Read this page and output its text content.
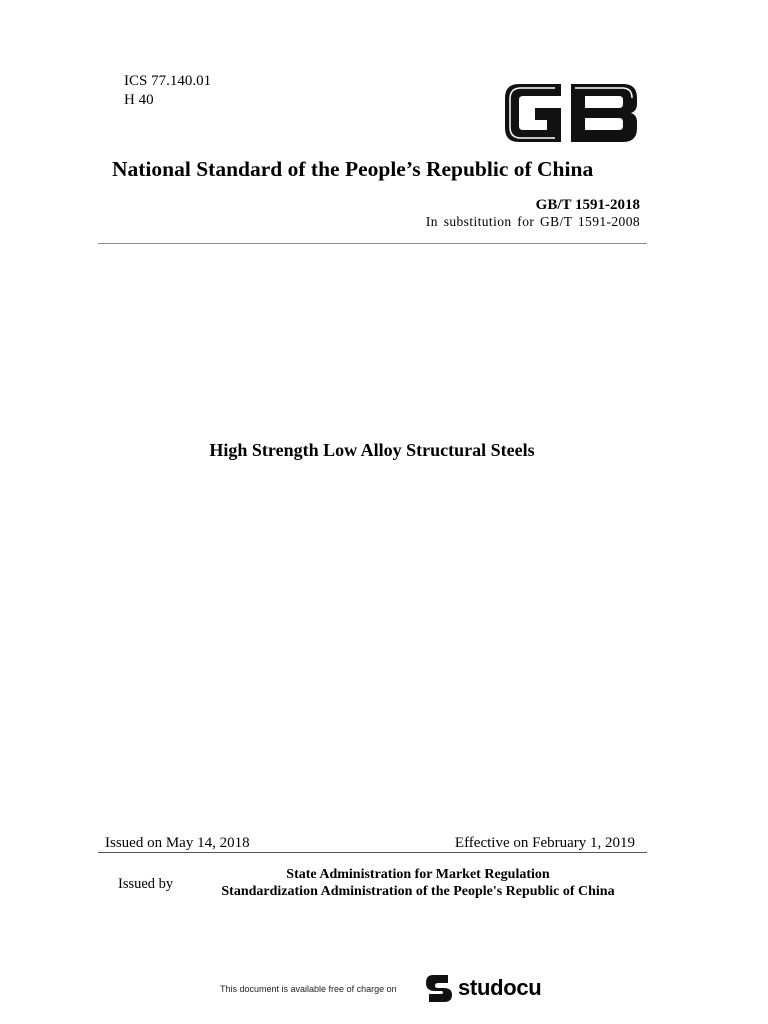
ICS 77.140.01
H 40
National Standard of the People’s Republic of China
GB/T 1591-2018
In substitution for GB/T 1591-2008
High Strength Low Alloy Structural Steels
Issued on May 14, 2018	Effective on February 1, 2019
Issued by
State Administration for Market Regulation
Standardization Administration of the People's Republic of China
This document is available free of charge on	studocu
